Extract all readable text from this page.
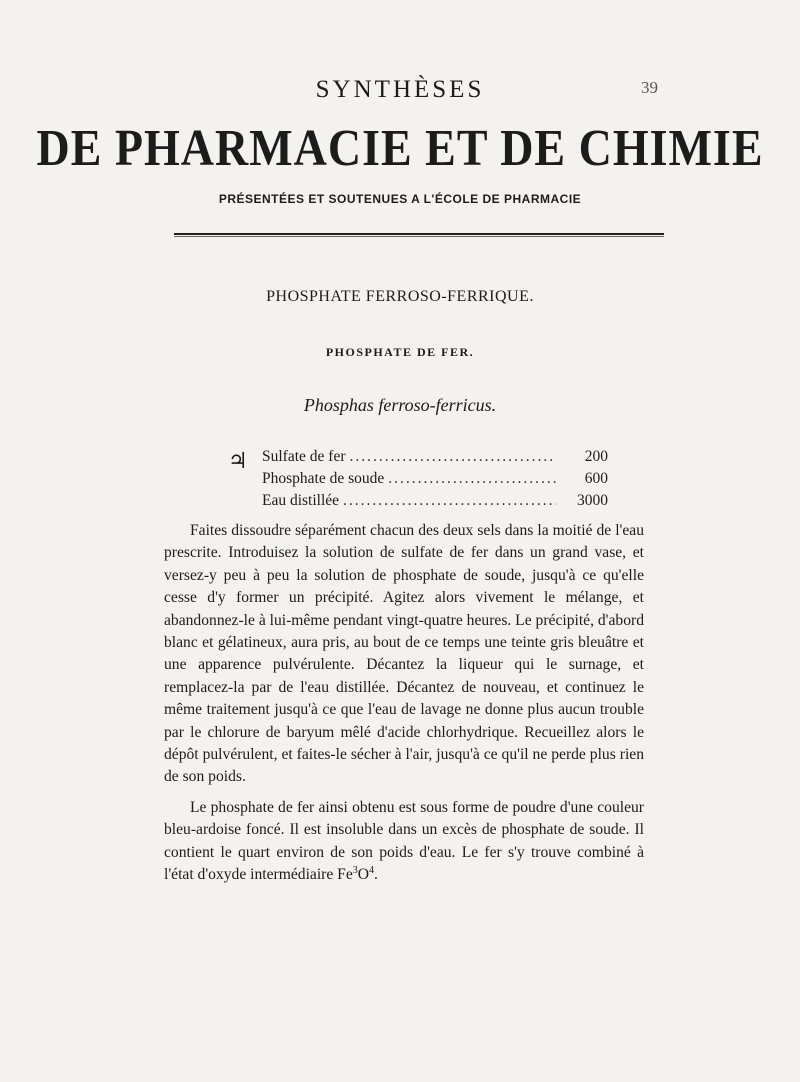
39
SYNTHÈSES
DE PHARMACIE ET DE CHIMIE
PRÉSENTÉES ET SOUTENUES A L'ÉCOLE DE PHARMACIE
PHOSPHATE FERROSO-FERRIQUE.
PHOSPHATE DE FER.
Phosphas ferroso-ferricus.
♃ Sulfate de fer .....	200
Phosphate de soude .....	600
Eau distillée .....	3000

Faites dissoudre séparément chacun des deux sels dans la moitié de l'eau prescrite. Introduisez la solution de sulfate de fer dans un grand vase, et versez-y peu à peu la solution de phosphate de soude, jusqu'à ce qu'elle cesse d'y former un précipité. Agitez alors vivement le mélange, et abandonnez-le à lui-même pendant vingt-quatre heures. Le précipité, d'abord blanc et gélatineux, aura pris, au bout de ce temps une teinte gris bleuâtre et une apparence pulvérulente. Décantez la liqueur qui le surnage, et remplacez-la par de l'eau distillée. Décantez de nouveau, et continuez le même traitement jusqu'à ce que l'eau de lavage ne donne plus aucun trouble par le chlorure de baryum mêlé d'acide chlorhydrique. Recueillez alors le dépôt pulvérulent, et faites-le sécher à l'air, jusqu'à ce qu'il ne perde plus rien de son poids.

Le phosphate de fer ainsi obtenu est sous forme de poudre d'une couleur bleu-ardoise foncé. Il est insoluble dans un excès de phosphate de soude. Il contient le quart environ de son poids d'eau. Le fer s'y trouve combiné à l'état d'oxyde intermédiaire $Fe^3O^4$.
